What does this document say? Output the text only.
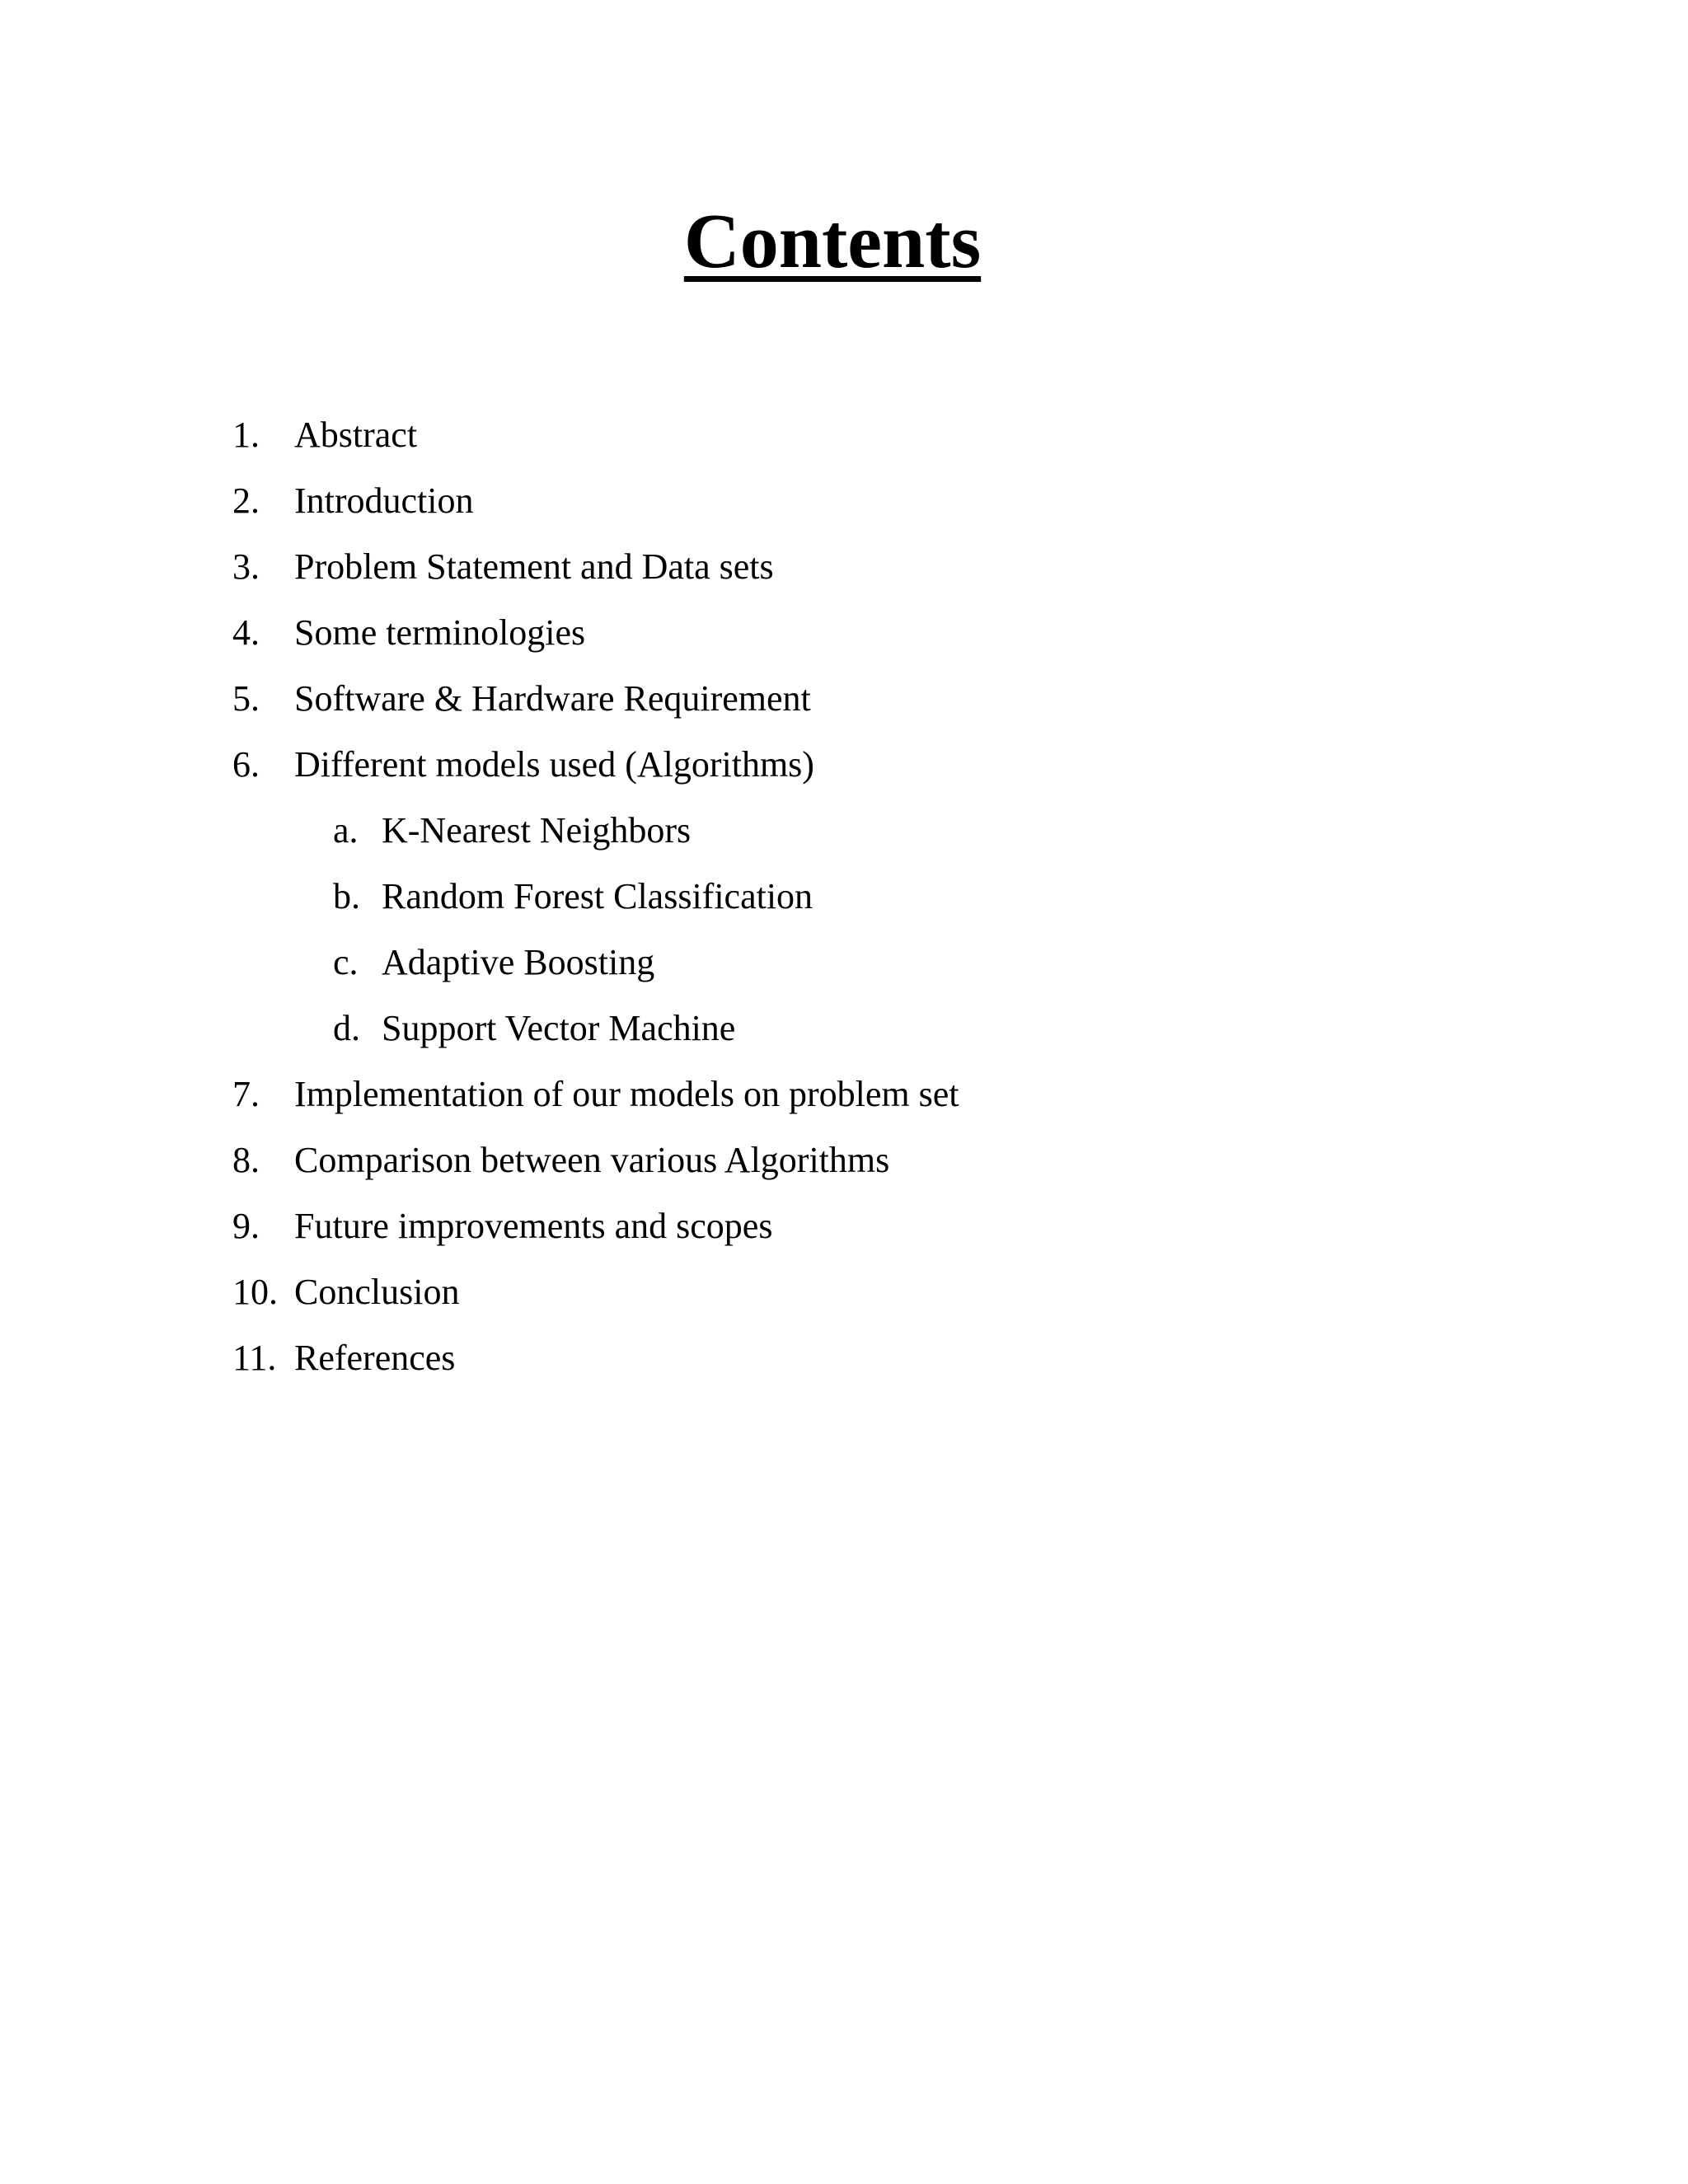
Contents
1. Abstract
2. Introduction
3. Problem Statement and Data sets
4. Some terminologies
5. Software & Hardware Requirement
6. Different models used (Algorithms)
a. K-Nearest Neighbors
b. Random Forest Classification
c. Adaptive Boosting
d. Support Vector Machine
7. Implementation of our models on problem set
8. Comparison between various Algorithms
9. Future improvements and scopes
10. Conclusion
11. References
